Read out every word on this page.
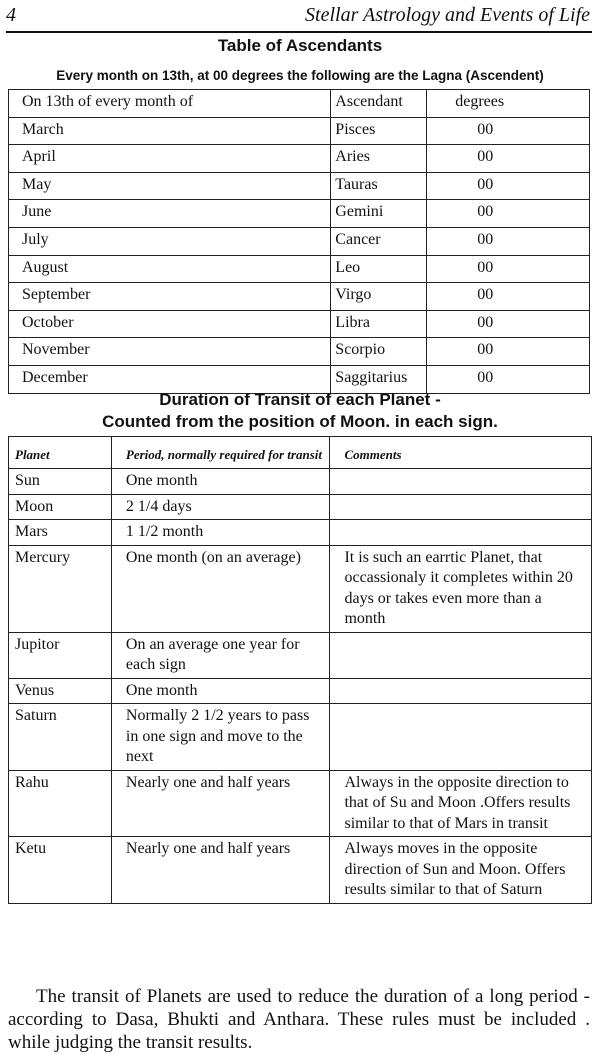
4	Stellar Astrology and Events of Life
Table of Ascendants
Every month on 13th, at 00 degrees the following are the Lagna (Ascendent)
On 13th of every month of	Ascendant	degrees
March	Pisces	00
April	Aries	00
May	Tauras	00
June	Gemini	00
July	Cancer	00
August	Leo	00
September	Virgo	00
October	Libra	00
November	Scorpio	00
December	Saggitarius	00
Duration of Transit of each Planet -
Counted from the position of Moon. in each sign.
Planet	Period, normally required for transit	Comments
Sun	One month	
Moon	2 1/4 days	
Mars	1 1/2 month	
Mercury	One month (on an average)	It is such an earrtic Planet, that occassionaly it completes within 20 days or takes even more than a month
Jupitor	On an average one year for each sign	
Venus	One month	
Saturn	Normally 2 1/2 years to pass in one sign and move to the next	
Rahu	Nearly one and half years	Always in the opposite direction to that of Su and Moon .Offers results similar to that of Mars in transit
Ketu	Nearly one and half years	Always moves in the opposite direction of Sun and Moon. Offers results similar to that of Saturn

The transit of Planets are used to reduce the duration of a long period - according to Dasa, Bhukti and Anthara. These rules must be included . while judging the transit results.
